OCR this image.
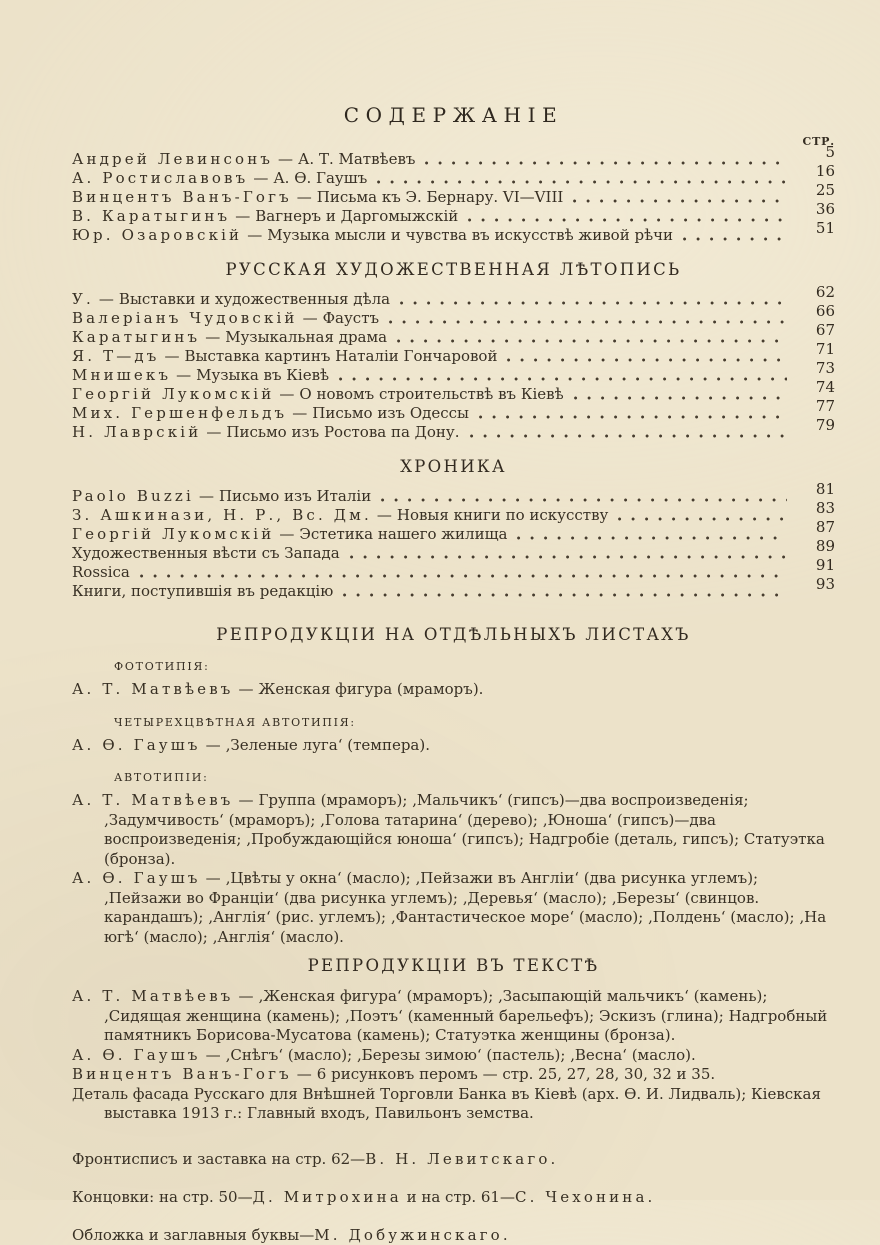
СОДЕРЖАНІЕ
СТР.
Андрей Левинсонъ — А. Т. Матвѣевъ	5
А. Ростиславовъ — А. Ѳ. Гаушъ	16
Винцентъ Ванъ-Гогъ — Письма къ Э. Бернару. VI—VIII	25
В. Каратыгинъ — Вагнеръ и Даргомыжскій	36
Юр. Озаровскій — Музыка мысли и чувства въ искусствѣ живой рѣчи	51
РУССКАЯ ХУДОЖЕСТВЕННАЯ ЛѢТОПИСЬ
У. — Выставки и художественныя дѣла	62
Валеріанъ Чудовскій — Фаустъ	66
Каратыгинъ — Музыкальная драма	67
Я. Т—дъ — Выставка картинъ Наталіи Гончаровой	71
Мнишекъ — Музыка въ Кіевѣ	73
Георгій Лукомскій — О новомъ строительствѣ въ Кіевѣ	74
Мих. Гершенфельдъ — Письмо изъ Одессы	77
Н. Лаврскій — Письмо изъ Ростова па Дону.	79
ХРОНИКА
Paolo Buzzi — Письмо изъ Италіи	81
З. Ашкинази, Н. Р., Вс. Дм. — Новыя книги по искусству	83
Георгій Лукомскій — Эстетика нашего жилища	87
Художественныя вѣсти съ Запада	89
Rossica	91
Книги, поступившія въ редакцію	93
РЕПРОДУКЦІИ НА ОТДѢЛЬНЫХЪ ЛИСТАХЪ
ФОТОТИПІЯ:

А. Т. Матвѣевъ — Женская фигура (мраморъ).

ЧЕТЫРЕХЦВѢТНАЯ АВТОТИПІЯ:

А. Ѳ. Гаушъ — ‚Зеленые луга‘ (темпера).

АВТОТИПІИ:

А. Т. Матвѣевъ — Группа (мраморъ); ‚Мальчикъ‘ (гипсъ)—два воспроизведенія; ‚Задумчивость‘ (мраморъ); ‚Голова татарина‘ (дерево); ‚Юноша‘ (гипсъ)—два воспроизведенія; ‚Пробуждающійся юноша‘ (гипсъ); Надгробіе (деталь, гипсъ); Статуэтка (бронза).

А. Ѳ. Гаушъ — ‚Цвѣты у окна‘ (масло); ‚Пейзажи въ Англіи‘ (два рисунка углемъ); ‚Пейзажи во Франціи‘ (два рисунка углемъ); ‚Деревья‘ (масло); ‚Березы‘ (свинцов. карандашъ); ‚Англія‘ (рис. углемъ); ‚Фантастическое море‘ (масло); ‚Полдень‘ (масло); ‚На югѣ‘ (масло); ‚Англія‘ (масло).

РЕПРОДУКЦІИ ВЪ ТЕКСТѢ

А. Т. Матвѣевъ — ‚Женская фигура‘ (мраморъ); ‚Засыпающій мальчикъ‘ (камень); ‚Сидящая женщина (камень); ‚Поэтъ‘ (каменный барельефъ); Эскизъ (глина); Надгробный памятникъ Борисова-Мусатова (камень); Статуэтка женщины (бронза).

А. Ѳ. Гаушъ — ‚Снѣгъ‘ (масло); ‚Березы зимою‘ (пастель); ‚Весна‘ (масло).

Винцентъ Ванъ-Гогъ — 6 рисунковъ перомъ — стр. 25, 27, 28, 30, 32 и 35.

Деталь фасада Русскаго для Внѣшней Торговли Банка въ Кіевѣ (арх. Ѳ. И. Лидваль); Кіевская выставка 1913 г.: Главный входъ, Павильонъ земства.

Фронтисписъ и заставка на стр. 62—В. Н. Левитскаго.

Концовки: на стр. 50—Д. Митрохина и на стр. 61—С. Чехонина.

Обложка и заглавныя буквы—М. Добужинскаго.
